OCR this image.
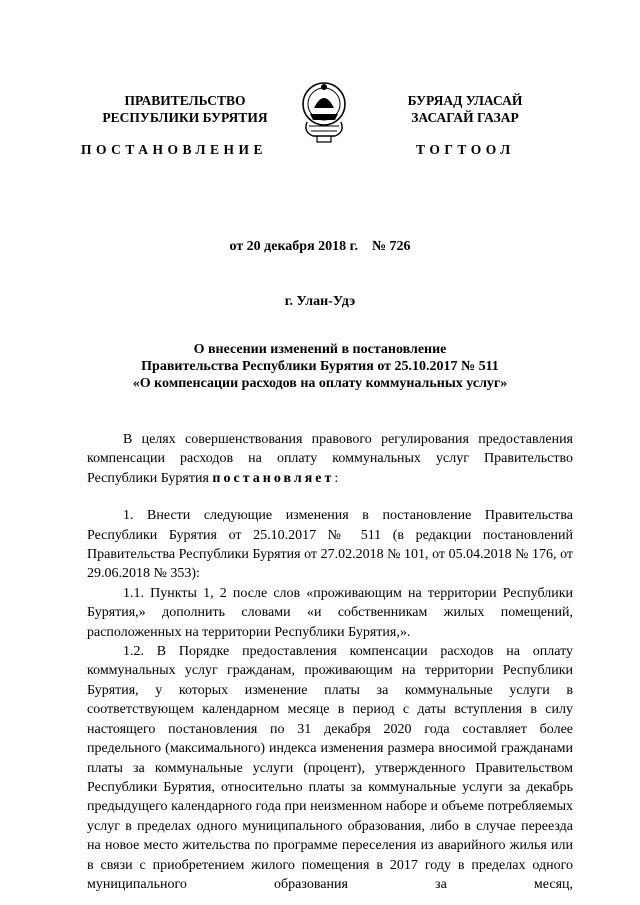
ПРАВИТЕЛЬСТВО
РЕСПУБЛИКИ БУРЯТИЯ
БУРЯАД УЛАСАЙ
ЗАСАГАЙ ГАЗАР
ПОСТАНОВЛЕНИЕ	ТОГТООЛ
от 20 декабря 2018 г.    № 726
г. Улан-Удэ
О внесении изменений в постановление
Правительства Республики Бурятия от 25.10.2017 № 511
«О компенсации расходов на оплату коммунальных услуг»

В целях совершенствования правового регулирования предоставления компенсации расходов на оплату коммунальных услуг Правительство Республики Бурятия постановляет:

1. Внести следующие изменения в постановление Правительства Республики Бурятия от 25.10.2017 № 511 (в редакции постановлений Правительства Республики Бурятия от 27.02.2018 № 101, от 05.04.2018 № 176, от 29.06.2018 № 353):

1.1. Пункты 1, 2 после слов «проживающим на территории Республики Бурятия,» дополнить словами «и собственникам жилых помещений, расположенных на территории Республики Бурятия,».

1.2. В Порядке предоставления компенсации расходов на оплату коммунальных услуг гражданам, проживающим на территории Республики Бурятия, у которых изменение платы за коммунальные услуги в соответствующем календарном месяце в период с даты вступления в силу настоящего постановления по 31 декабря 2020 года составляет более предельного (максимального) индекса изменения размера вносимой гражданами платы за коммунальные услуги (процент), утвержденного Правительством Республики Бурятия, относительно платы за коммунальные услуги за декабрь предыдущего календарного года при неизменном наборе и объеме потребляемых услуг в пределах одного муниципального образования, либо в случае переезда на новое место жительства по программе переселения из аварийного жилья или в связи с приобретением жилого помещения в 2017 году в пределах одного муниципального образования за месяц,
